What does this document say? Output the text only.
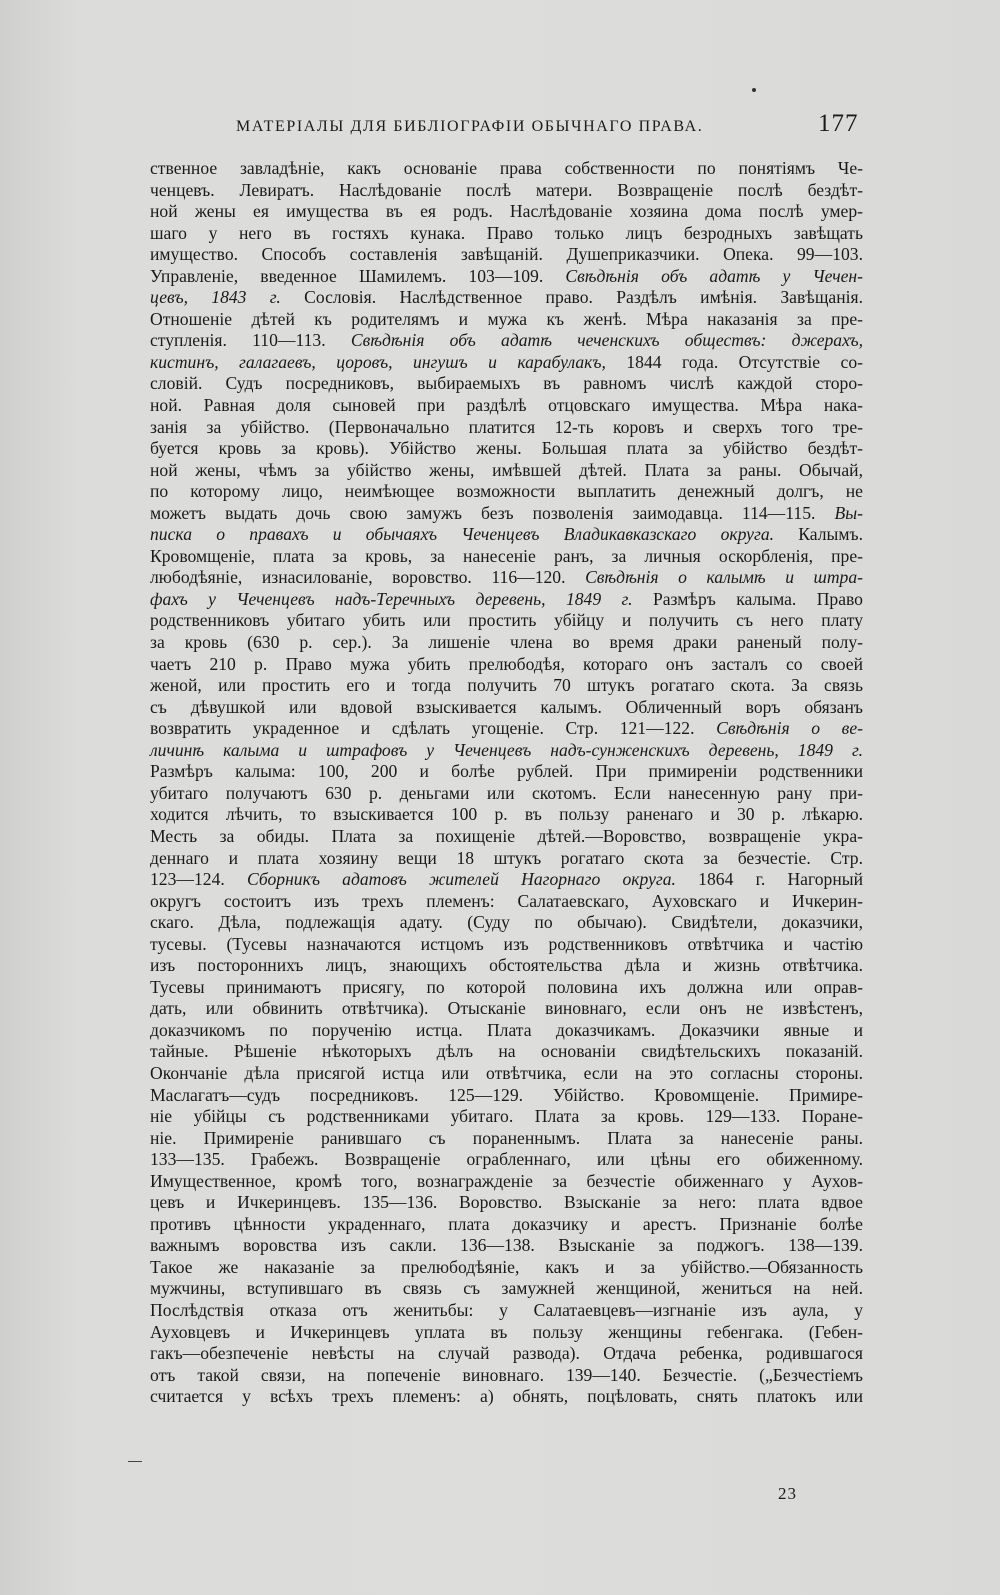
МАТЕРІАЛЫ ДЛЯ БИБЛІОГРАФІИ ОБЫЧНАГО ПРАВА.	177
ственное завладѣніе, какъ основаніе права собственности по понятіямъ Че-
ченцевъ. Левиратъ. Наслѣдованіе послѣ матери. Возвращеніе послѣ бездѣт-
ной жены ея имущества въ ея родъ. Наслѣдованіе хозяина дома послѣ умер-
шаго у него въ гостяхъ кунака. Право только лицъ безродныхъ завѣщать
имущество. Способъ составленія завѣщаній. Душеприказчики. Опека. 99—103.
Управленіе, введенное Шамилемъ. 103—109. Свѣдѣнія объ адатѣ у Чечен-
цевъ, 1843 г. Сословія. Наслѣдственное право. Раздѣлъ имѣнія. Завѣщанія.
Отношеніе дѣтей къ родителямъ и мужа къ женѣ. Мѣра наказанія за пре-
ступленія. 110—113. Свѣдѣнія объ адатѣ чеченскихъ обществъ: джерахъ,
кистинъ, галагаевъ, цоровъ, ингушъ и карабулакъ, 1844 года. Отсутствіе со-
словій. Судъ посредниковъ, выбираемыхъ въ равномъ числѣ каждой сторо-
ной. Равная доля сыновей при раздѣлѣ отцовскаго имущества. Мѣра нака-
занія за убійство. (Первоначально платится 12-ть коровъ и сверхъ того тре-
буется кровь за кровь). Убійство жены. Большая плата за убійство бездѣт-
ной жены, чѣмъ за убійство жены, имѣвшей дѣтей. Плата за раны. Обычай,
по которому лицо, неимѣющее возможности выплатить денежный долгъ, не
можетъ выдать дочь свою замужъ безъ позволенія заимодавца. 114—115. Вы-
писка о правахъ и обычаяхъ Чеченцевъ Владикавказскаго округа. Калымъ.
Кровомщеніе, плата за кровь, за нанесеніе ранъ, за личныя оскорбленія, пре-
любодѣяніе, изнасилованіе, воровство. 116—120. Свѣдѣнія о калымѣ и штра-
фахъ у Чеченцевъ надъ-Теречныхъ деревень, 1849 г. Размѣръ калыма. Право
родственниковъ убитаго убить или простить убійцу и получить съ него плату
за кровь (630 р. сер.). За лишеніе члена во время драки раненый полу-
чаетъ 210 р. Право мужа убить прелюбодѣя, котораго онъ засталъ со своей
женой, или простить его и тогда получить 70 штукъ рогатаго скота. За связь
съ дѣвушкой или вдовой взыскивается калымъ. Обличенный воръ обязанъ
возвратить украденное и сдѣлать угощеніе. Стр. 121—122. Свѣдѣнія о ве-
личинѣ калыма и штрафовъ у Чеченцевъ надъ-сунженскихъ деревень, 1849 г.
Размѣръ калыма: 100, 200 и болѣе рублей. При примиреніи родственники
убитаго получаютъ 630 р. деньгами или скотомъ. Если нанесенную рану при-
ходится лѣчить, то взыскивается 100 р. въ пользу раненаго и 30 р. лѣкарю.
Месть за обиды. Плата за похищеніе дѣтей.—Воровство, возвращеніе укра-
деннаго и плата хозяину вещи 18 штукъ рогатаго скота за безчестіе. Стр.
123—124. Сборникъ адатовъ жителей Нагорнаго округа. 1864 г. Нагорный
округъ состоитъ изъ трехъ племенъ: Салатаевскаго, Ауховскаго и Ичкерин-
скаго. Дѣла, подлежащія адату. (Суду по обычаю). Свидѣтели, доказчики,
тусевы. (Тусевы назначаются истцомъ изъ родственниковъ отвѣтчика и частію
изъ постороннихъ лицъ, знающихъ обстоятельства дѣла и жизнь отвѣтчика.
Тусевы принимаютъ присягу, по которой половина ихъ должна или оправ-
дать, или обвинить отвѣтчика). Отысканіе виновнаго, если онъ не извѣстенъ,
доказчикомъ по порученію истца. Плата доказчикамъ. Доказчики явные и
тайные. Рѣшеніе нѣкоторыхъ дѣлъ на основаніи свидѣтельскихъ показаній.
Окончаніе дѣла присягой истца или отвѣтчика, если на это согласны стороны.
Маслагатъ—судъ посредниковъ. 125—129. Убійство. Кровомщеніе. Примире-
ніе убійцы съ родственниками убитаго. Плата за кровь. 129—133. Поране-
ніе. Примиреніе ранившаго съ пораненнымъ. Плата за нанесеніе раны.
133—135. Грабежъ. Возвращеніе ограбленнаго, или цѣны его обиженному.
Имущественное, кромѣ того, вознагражденіе за безчестіе обиженнаго у Аухов-
цевъ и Ичкеринцевъ. 135—136. Воровство. Взысканіе за него: плата вдвое
противъ цѣнности украденнаго, плата доказчику и арестъ. Признаніе болѣе
важнымъ воровства изъ сакли. 136—138. Взысканіе за поджогъ. 138—139.
Такое же наказаніе за прелюбодѣяніе, какъ и за убійство.—Обязанность
мужчины, вступившаго въ связь съ замужней женщиной, жениться на ней.
Послѣдствія отказа отъ женитьбы: у Салатаевцевъ—изгнаніе изъ аула, у
Ауховцевъ и Ичкеринцевъ уплата въ пользу женщины гебенгака. (Гебен-
гакъ—обезпеченіе невѣсты на случай развода). Отдача ребенка, родившагося
отъ такой связи, на попеченіе виновнаго. 139—140. Безчестіе. („Безчестіемъ
считается у всѣхъ трехъ племенъ: а) обнять, поцѣловать, снять платокъ или
23
